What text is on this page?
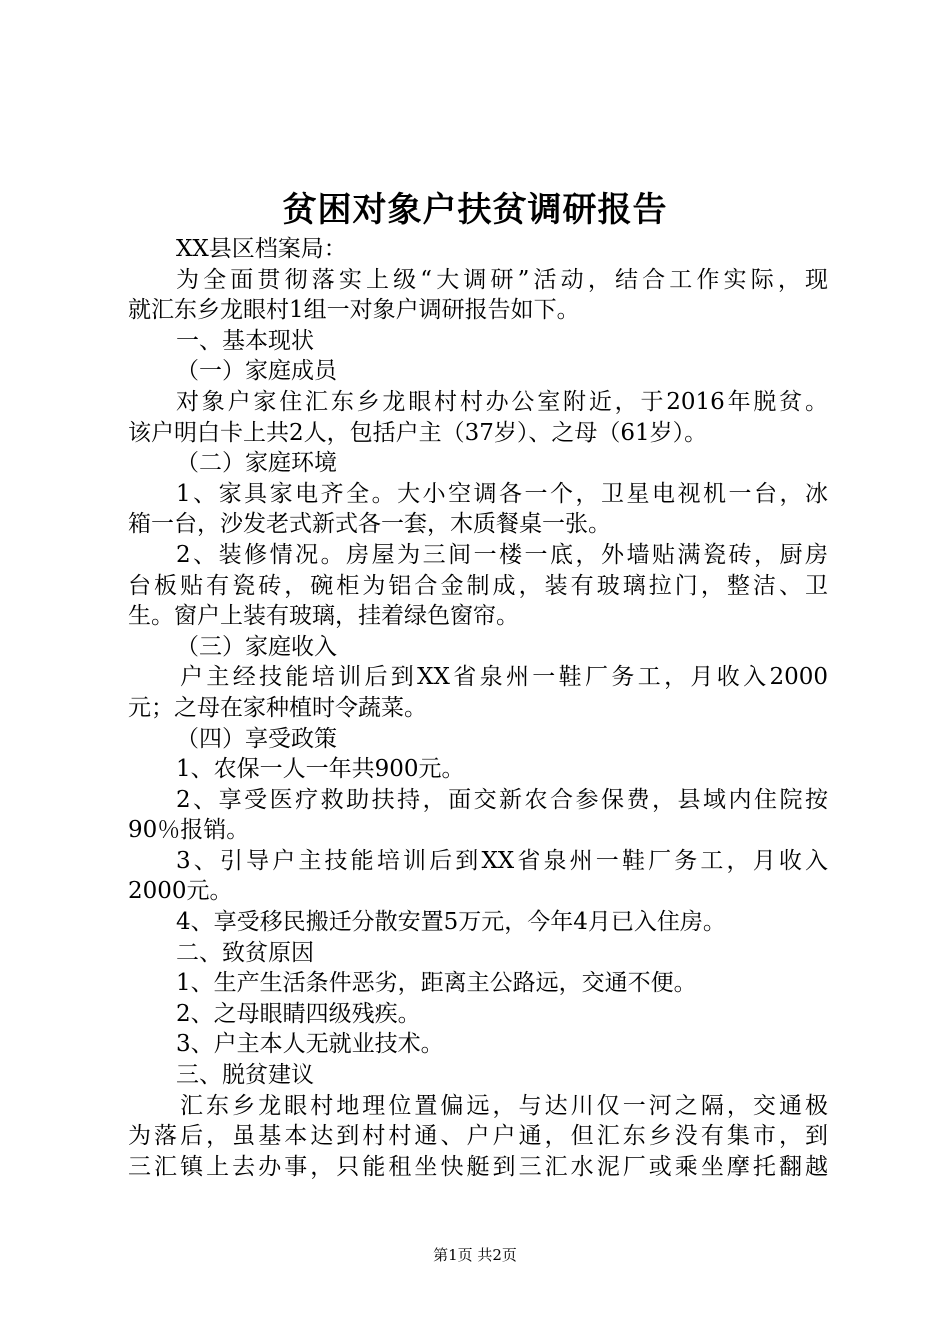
贫困对象户扶贫调研报告
XX县区档案局：
为全面贯彻落实上级“大调研”活动，结合工作实际，现
就汇东乡龙眼村1组一对象户调研报告如下。
一、基本现状
（一）家庭成员
对象户家住汇东乡龙眼村村办公室附近，于2016年脱贫。
该户明白卡上共2人，包括户主（37岁）、之母（61岁）。
（二）家庭环境
1、家具家电齐全。大小空调各一个，卫星电视机一台，冰
箱一台，沙发老式新式各一套，木质餐桌一张。
2、装修情况。房屋为三间一楼一底，外墙贴满瓷砖，厨房
台板贴有瓷砖，碗柜为铝合金制成，装有玻璃拉门，整洁、卫
生。窗户上装有玻璃，挂着绿色窗帘。
（三）家庭收入
户主经技能培训后到XX省泉州一鞋厂务工，月收入2000
元；之母在家种植时令蔬菜。
（四）享受政策
1、农保一人一年共900元。
2、享受医疗救助扶持，面交新农合参保费，县域内住院按
90％报销。
3、引导户主技能培训后到XX省泉州一鞋厂务工，月收入
2000元。
4、享受移民搬迁分散安置5万元，今年4月已入住房。
二、致贫原因
1、生产生活条件恶劣，距离主公路远，交通不便。
2、之母眼睛四级残疾。
3、户主本人无就业技术。
三、脱贫建议
汇东乡龙眼村地理位置偏远，与达川仅一河之隔，交通极
为落后，虽基本达到村村通、户户通，但汇东乡没有集市，到
三汇镇上去办事，只能租坐快艇到三汇水泥厂或乘坐摩托翻越
第1页 共2页
